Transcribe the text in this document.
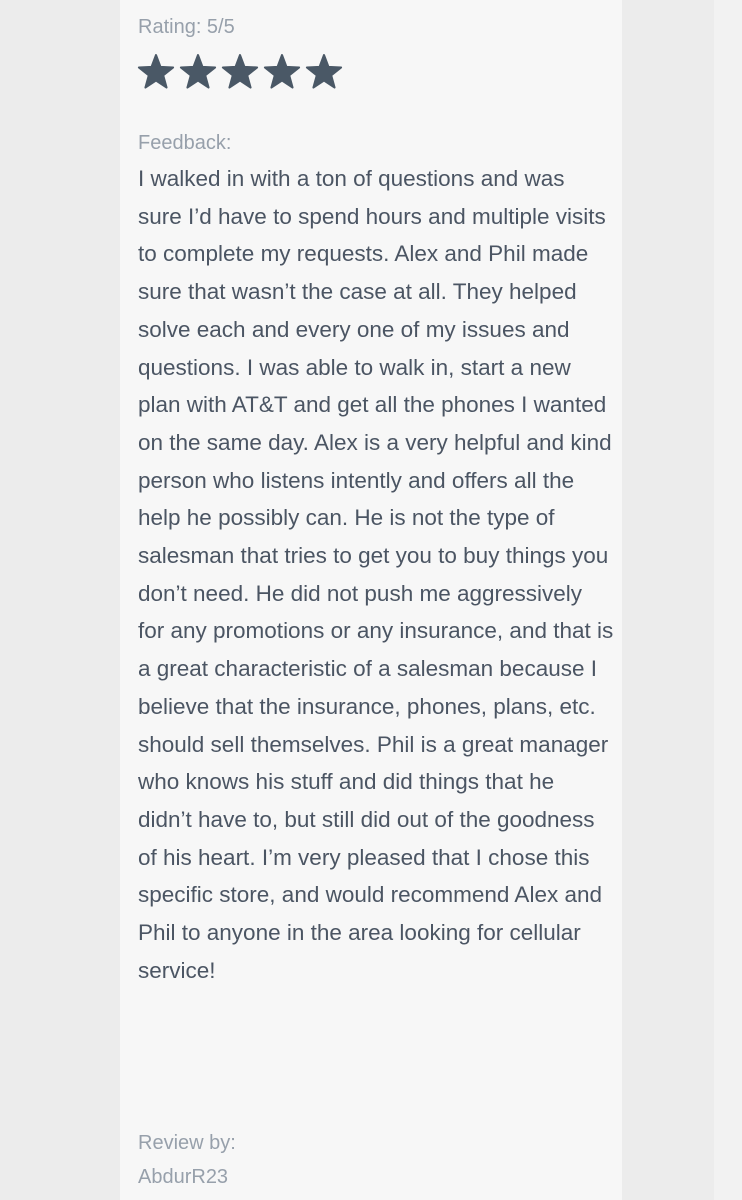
Rating: 5/5
Feedback:

I walked in with a ton of questions and was sure I’d have to spend hours and multiple visits to complete my requests. Alex and Phil made sure that wasn’t the case at all. They helped solve each and every one of my issues and questions. I was able to walk in, start a new plan with AT&T and get all the phones I wanted on the same day. Alex is a very helpful and kind person who listens intently and offers all the help he possibly can. He is not the type of salesman that tries to get you to buy things you don’t need. He did not push me aggressively for any promotions or any insurance, and that is a great characteristic of a salesman because I believe that the insurance, phones, plans, etc. should sell themselves. Phil is a great manager who knows his stuff and did things that he didn’t have to, but still did out of the goodness of his heart. I’m very pleased that I chose this specific store, and would recommend Alex and Phil to anyone in the area looking for cellular service!

Review by:
AbdurR23
